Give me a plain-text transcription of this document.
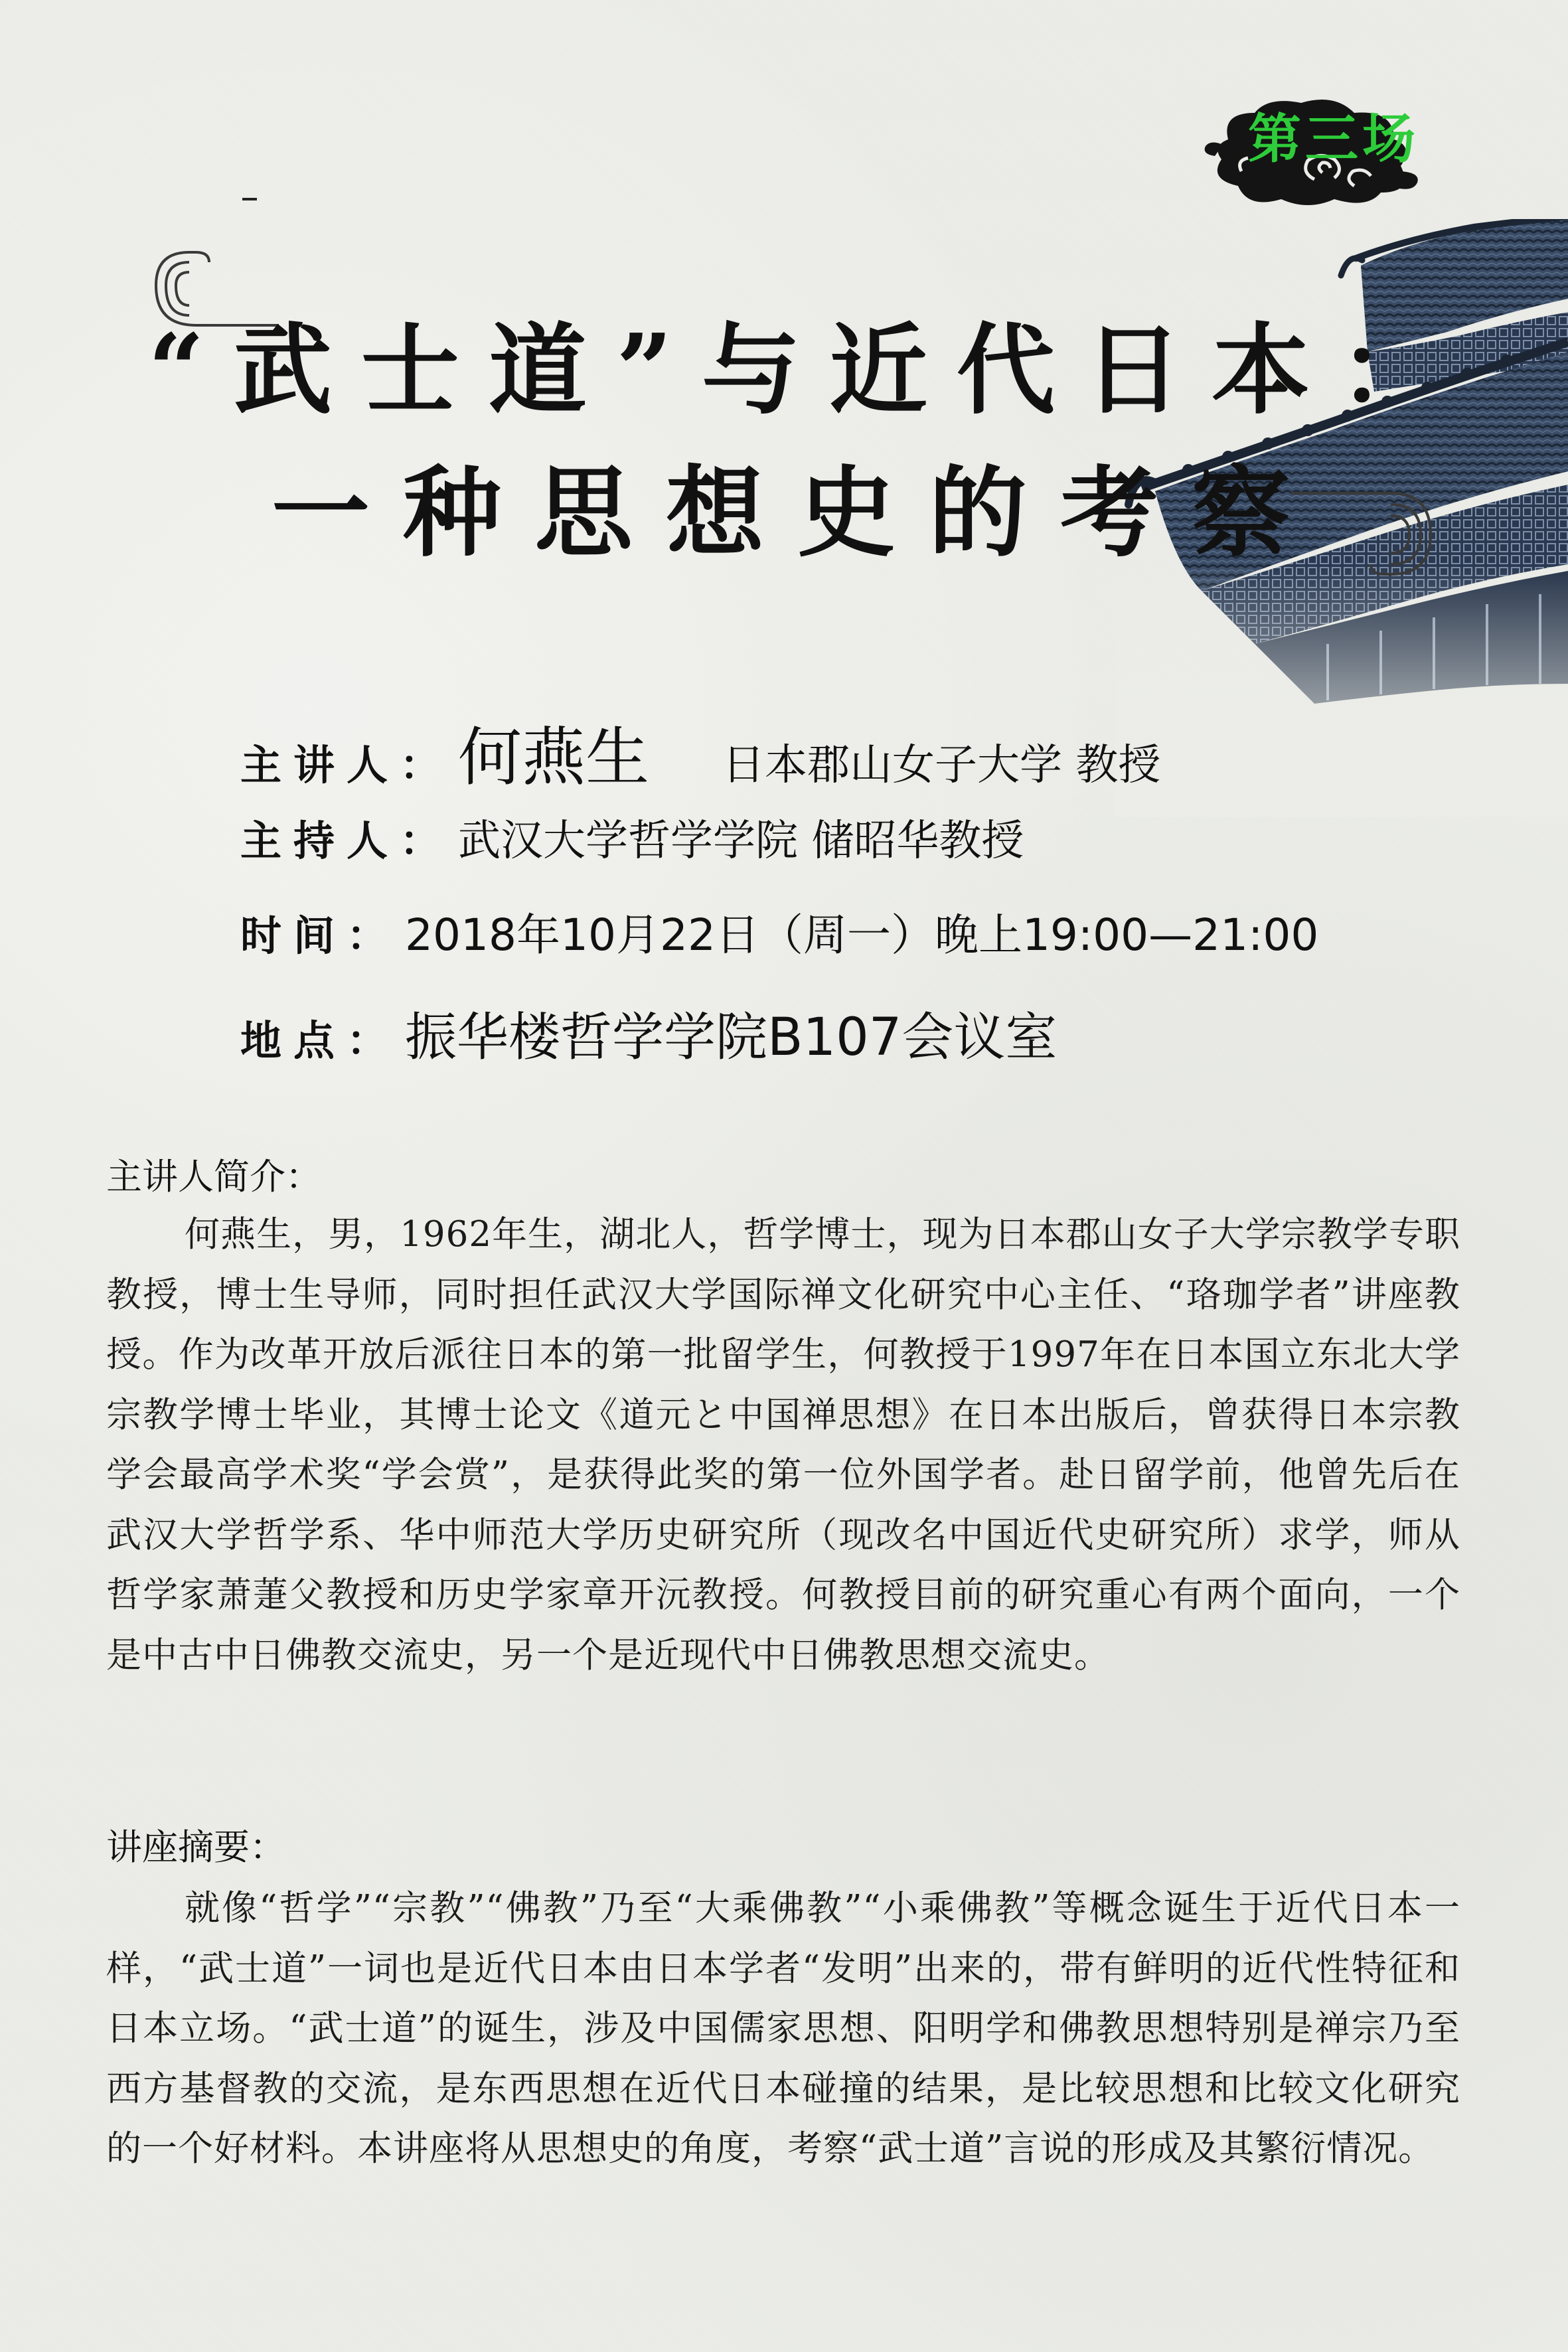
第三场
“武士道”与近代日本：
一种思想史的考察
主讲人：何燕生 日本郡山女子大学 教授
主持人： 武汉大学哲学学院 储昭华教授
时间： 2018年10月22日（周一）晚上19:00—21:00
地点： 振华楼哲学学院B107会议室
主讲人简介：

何燕生，男，1962年生，湖北人，哲学博士，现为日本郡山女子大学宗教学专职教授，博士生导师，同时担任武汉大学国际禅文化研究中心主任、“珞珈学者”讲座教授。作为改革开放后派往日本的第一批留学生，何教授于1997年在日本国立东北大学宗教学博士毕业，其博士论文《道元と中国禅思想》在日本出版后，曾获得日本宗教学会最高学术奖“学会赏”，是获得此奖的第一位外国学者。赴日留学前，他曾先后在武汉大学哲学系、华中师范大学历史研究所（现改名中国近代史研究所）求学，师从哲学家萧萐父教授和历史学家章开沅教授。何教授目前的研究重心有两个面向，一个是中古中日佛教交流史，另一个是近现代中日佛教思想交流史。

讲座摘要：

就像“哲学”“宗教”“佛教”乃至“大乘佛教”“小乘佛教”等概念诞生于近代日本一样，“武士道”一词也是近代日本由日本学者“发明”出来的，带有鲜明的近代性特征和日本立场。“武士道”的诞生，涉及中国儒家思想、阳明学和佛教思想特别是禅宗乃至西方基督教的交流，是东西思想在近代日本碰撞的结果，是比较思想和比较文化研究的一个好材料。本讲座将从思想史的角度，考察“武士道”言说的形成及其繁衍情况。
